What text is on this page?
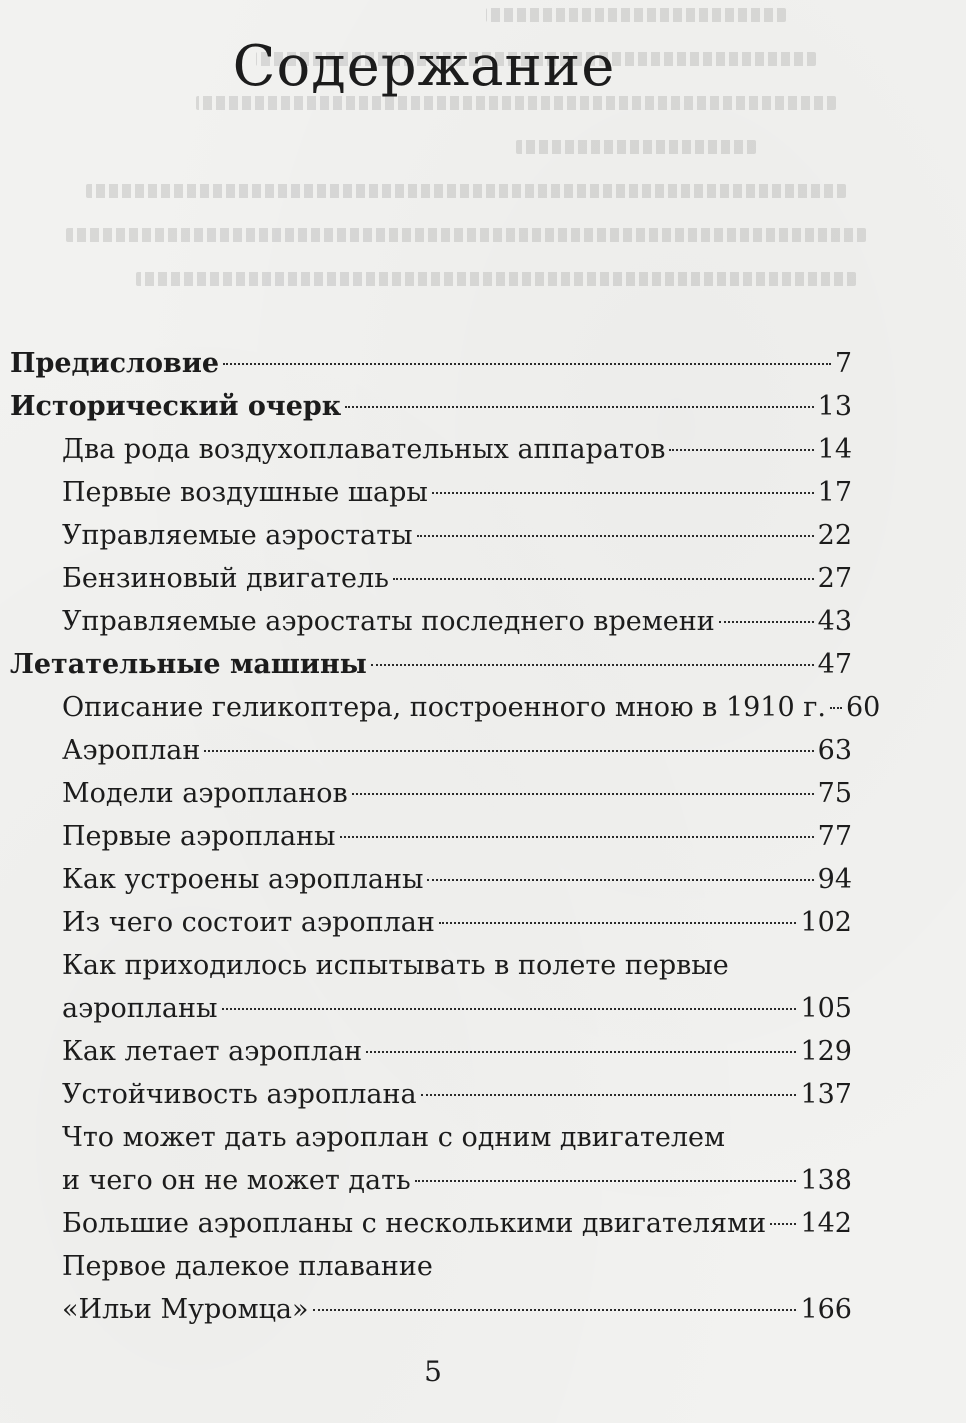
Содержание
Предисловие	7
Исторический очерк	13
Два рода воздухоплавательных аппаратов	14
Первые воздушные шары	17
Управляемые аэростаты	22
Бензиновый двигатель	27
Управляемые аэростаты последнего времени	43
Летательные машины	47
Описание геликоптера, построенного мною в 1910 г. 60
Аэроплан	63
Модели аэропланов	75
Первые аэропланы	77
Как устроены аэропланы	94
Из чего состоит аэроплан	102
Как приходилось испытывать в полете первые
аэропланы	105
Как летает аэроплан	129
Устойчивость аэроплана	137
Что может дать аэроплан с одним двигателем
и чего он не может дать	138
Большие аэропланы с несколькими двигателями 142
Первое далекое плавание
«Ильи Муромца»	166
5
